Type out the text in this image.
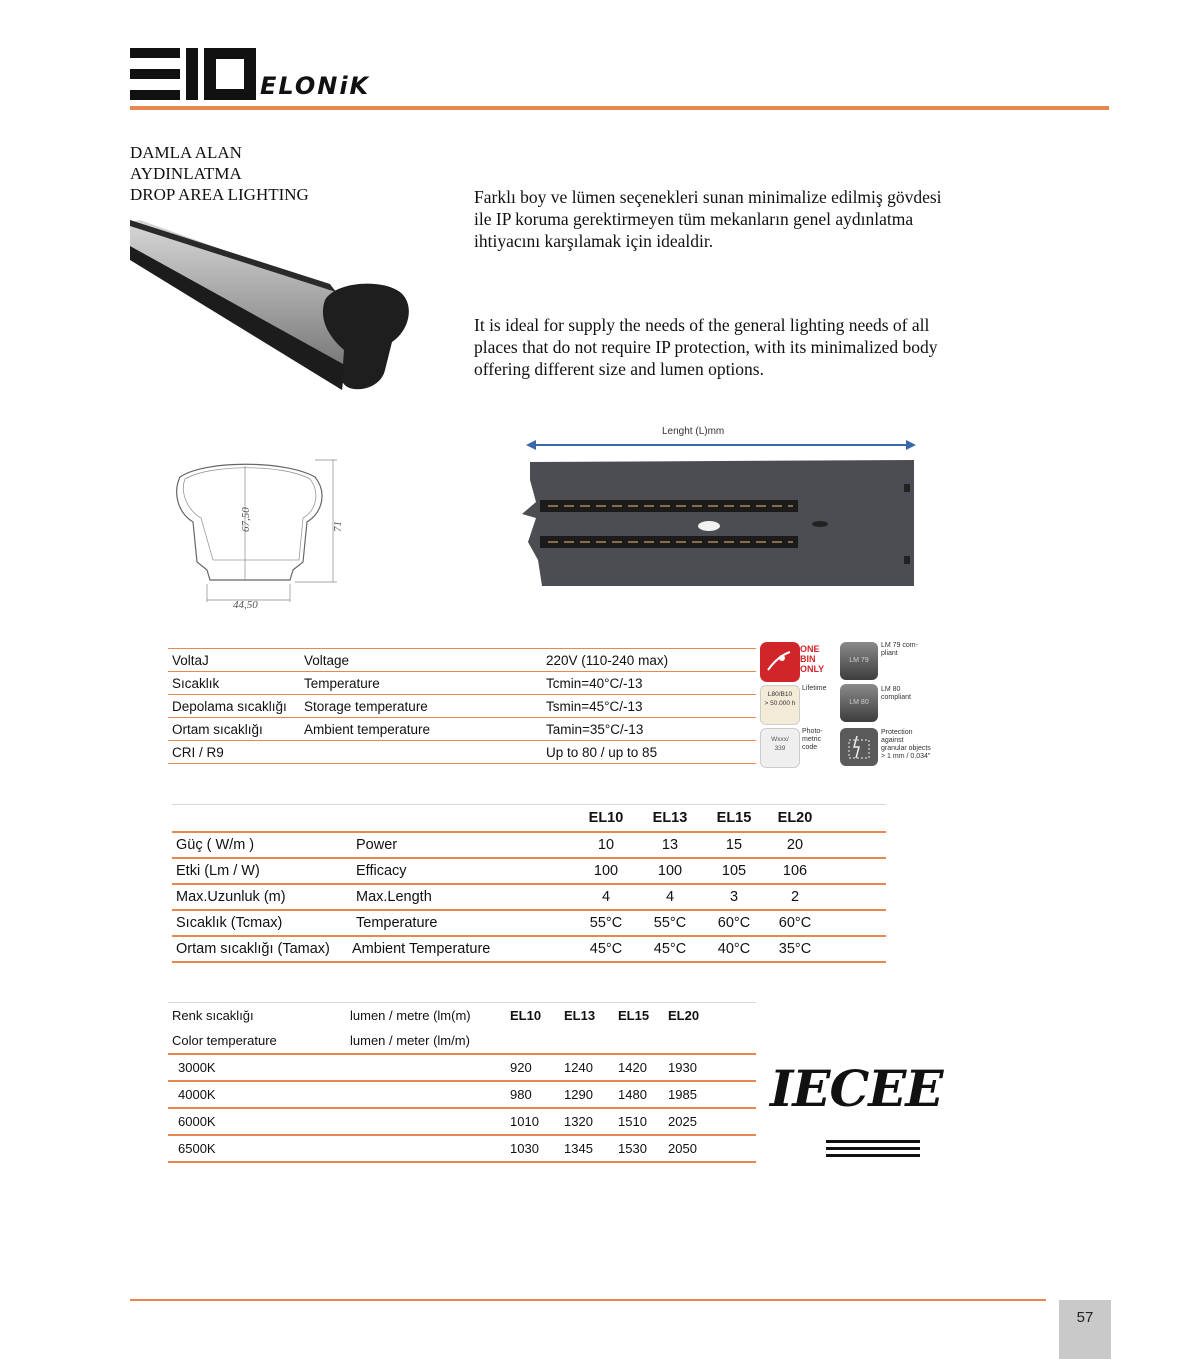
ELONiK
DAMLA ALAN
AYDINLATMA
DROP AREA LIGHTING	Farklı boy ve lümen seçenekleri sunan minimalize edilmiş gövdesi
ile IP koruma gerektirmeyen tüm mekanların genel aydınlatma
ihtiyacını karşılamak için idealdir.
It is ideal for supply the needs of the general lighting needs of all
places that do not require IP protection, with its minimalized body
offering different size and lumen options.
67,50	71
44,50
Lenght (L)mm
VoltaJ	Voltage	220V (110-240 max)
Sıcaklık	Temperature	Tcmin=40°C/-13
Depolama sıcaklığı	Storage temperature	Tsmin=45°C/-13
Ortam sıcaklığı	Ambient temperature	Tamin=35°C/-13
CRI / R9		Up to 80 / up to 85
ONE
BIN
ONLY
LM 79
LM 79 com-
pliant
Lifetime
L80/B10
> 50.000 h	LM 80
LM 80
compliant
Wxxx/
339
Photo-
metric
code
Protection
against
granular objects
> 1 mm / 0.034"
		EL10	EL13	EL15	EL20	
Güç ( W/m )	Power	10	13	15	20	
Etki (Lm / W)	Efficacy	100	100	105	106	
Max.Uzunluk (m)	Max.Length	4	4	3	2	
Sıcaklık (Tcmax)	Temperature	55°C	55°C	60°C	60°C	
Ortam sıcaklığı (Tamax)	Ambient Temperature	45°C	45°C	40°C	35°C	
Renk sıcaklığı	lumen / metre (lm(m)	EL10	EL13	EL15	EL20	
Color temperature	lumen / meter (lm/m)					
3000K		920	1240	1420	1930	
4000K		980	1290	1480	1985	
6000K		1010	1320	1510	2025	
6500K		1030	1345	1530	2050	
IECEE
57
